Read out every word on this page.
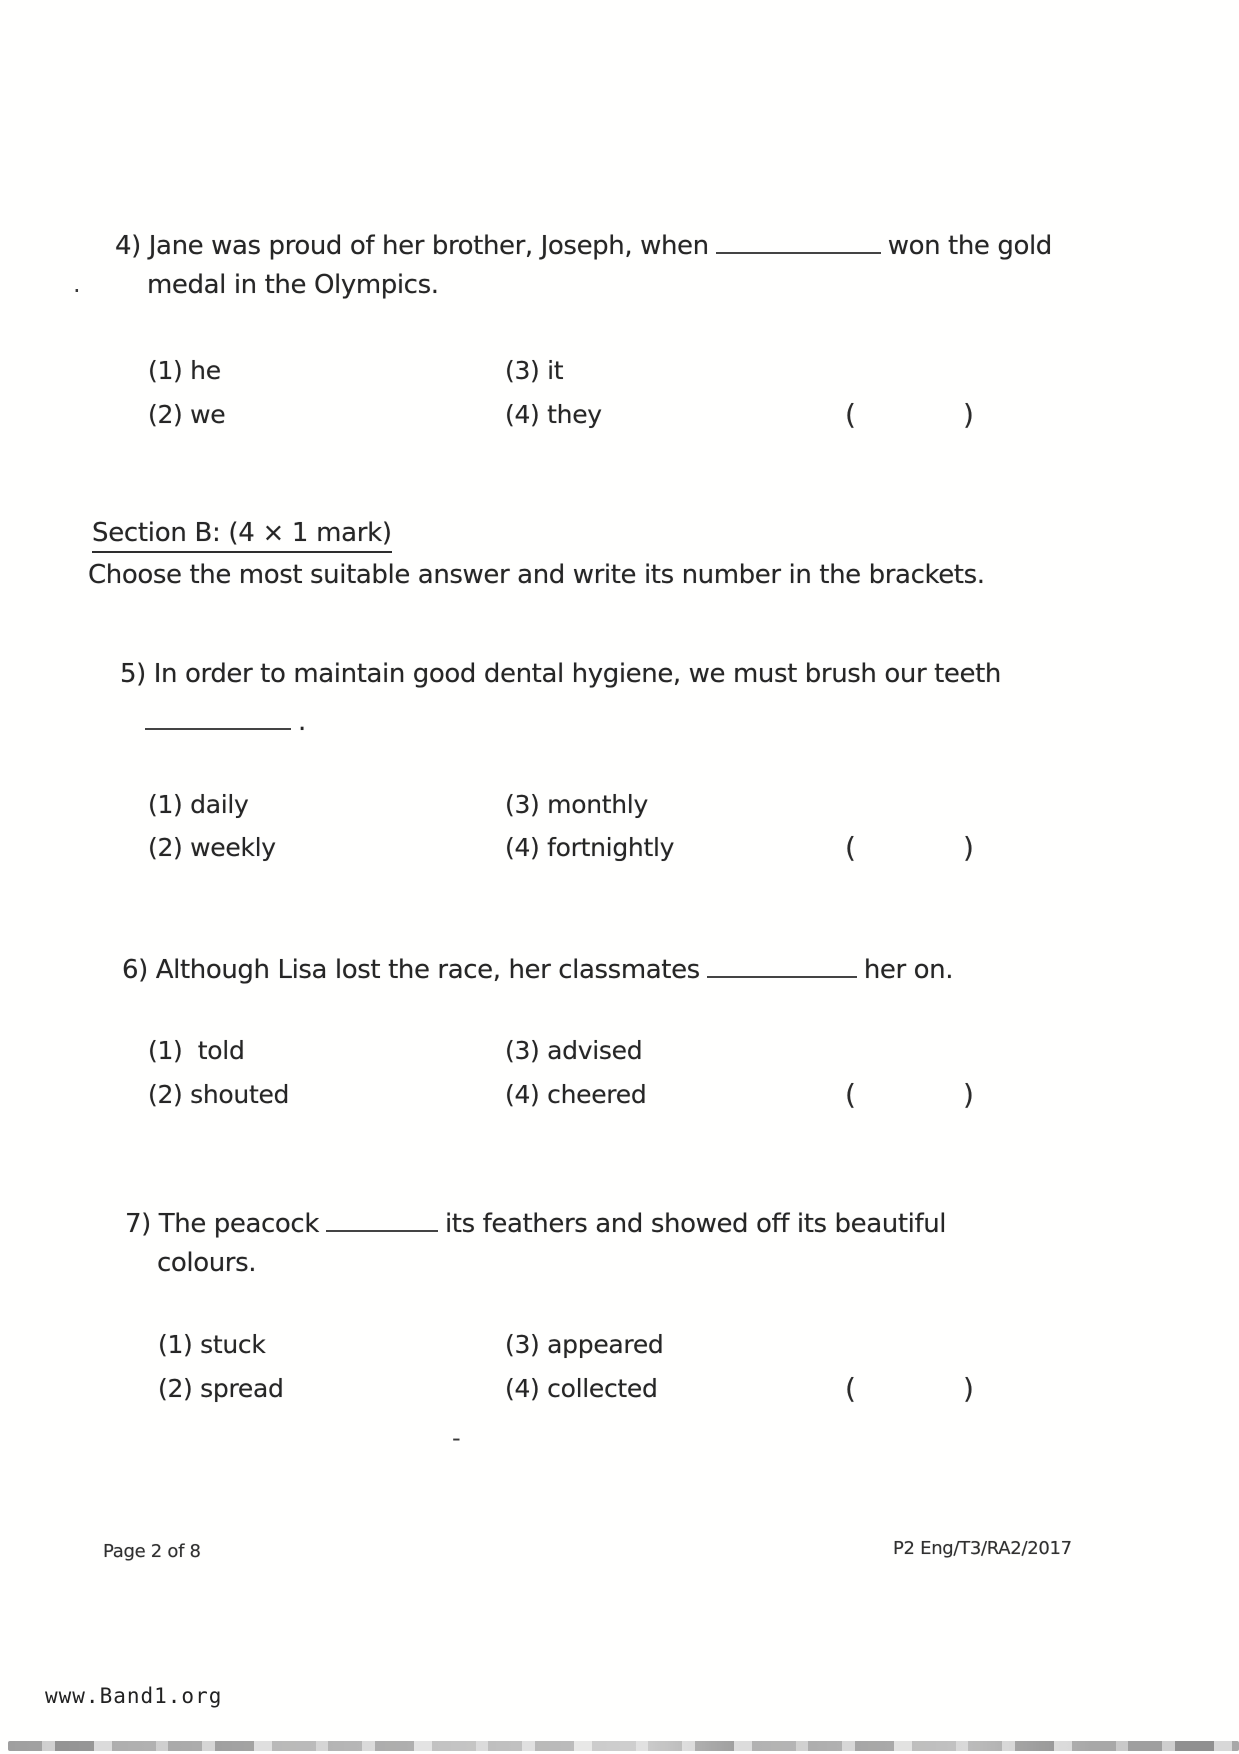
4) Jane was proud of her brother, Joseph, when	won the gold
medal in the Olympics.
.
(1) he	(3) it
(2) we	(4) they	(	)
Section B: (4 × 1 mark)
Choose the most suitable answer and write its number in the brackets.
5) In order to maintain good dental hygiene, we must brush our teeth
.
(1) daily	(3) monthly
(2) weekly	(4) fortnightly	(	)
6) Although Lisa lost the race, her classmates	her on.
(1)  told	(3) advised
(2) shouted	(4) cheered	(	)
7) The peacock	its feathers and showed off its beautiful
colours.
(1) stuck	(3) appeared
(2) spread	(4) collected	(	)
-
Page 2 of 8	P2 Eng/T3/RA2/2017
www.Band1.org
